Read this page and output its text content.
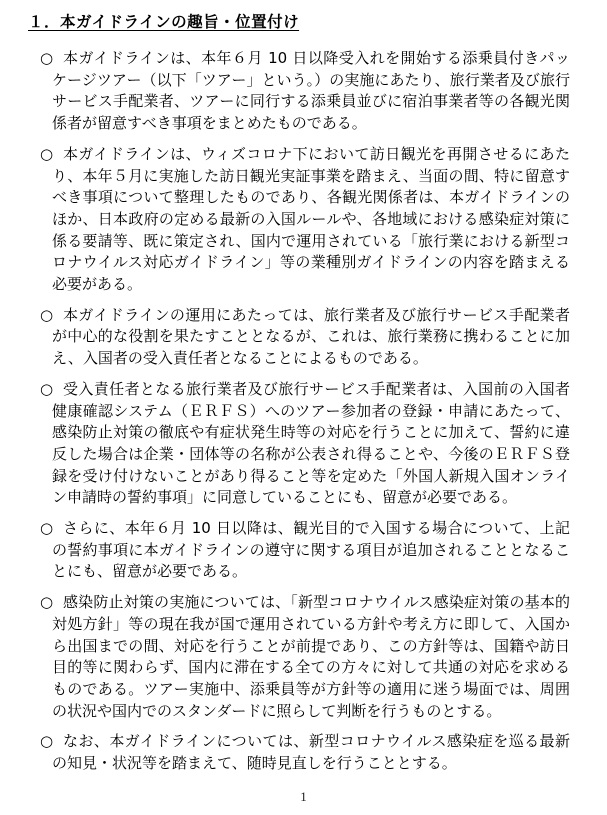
１．本ガイドラインの趣旨・位置付け
○ 本ガイドラインは、本年６月 10 日以降受入れを開始する添乗員付きパッケージツアー（以下「ツアー」という。）の実施にあたり、旅行業者及び旅行サービス手配業者、ツアーに同行する添乗員並びに宿泊事業者等の各観光関係者が留意すべき事項をまとめたものである。
○ 本ガイドラインは、ウィズコロナ下において訪日観光を再開させるにあたり、本年５月に実施した訪日観光実証事業を踏まえ、当面の間、特に留意すべき事項について整理したものであり、各観光関係者は、本ガイドラインのほか、日本政府の定める最新の入国ルールや、各地域における感染症対策に係る要請等、既に策定され、国内で運用されている「旅行業における新型コロナウイルス対応ガイドライン」等の業種別ガイドラインの内容を踏まえる必要がある。
○ 本ガイドラインの運用にあたっては、旅行業者及び旅行サービス手配業者が中心的な役割を果たすこととなるが、これは、旅行業務に携わることに加え、入国者の受入責任者となることによるものである。
○ 受入責任者となる旅行業者及び旅行サービス手配業者は、入国前の入国者健康確認システム（ＥＲＦＳ）へのツアー参加者の登録・申請にあたって、感染防止対策の徹底や有症状発生時等の対応を行うことに加えて、誓約に違反した場合は企業・団体等の名称が公表され得ることや、今後のＥＲＦＳ登録を受け付けないことがあり得ること等を定めた「外国人新規入国オンライン申請時の誓約事項」に同意していることにも、留意が必要である。
○ さらに、本年６月 10 日以降は、観光目的で入国する場合について、上記の誓約事項に本ガイドラインの遵守に関する項目が追加されることとなることにも、留意が必要である。
○ 感染防止対策の実施については、「新型コロナウイルス感染症対策の基本的対処方針」等の現在我が国で運用されている方針や考え方に即して、入国から出国までの間、対応を行うことが前提であり、この方針等は、国籍や訪日目的等に関わらず、国内に滞在する全ての方々に対して共通の対応を求めるものである。ツアー実施中、添乗員等が方針等の適用に迷う場面では、周囲の状況や国内でのスタンダードに照らして判断を行うものとする。
○ なお、本ガイドラインについては、新型コロナウイルス感染症を巡る最新の知見・状況等を踏まえて、随時見直しを行うこととする。
1
